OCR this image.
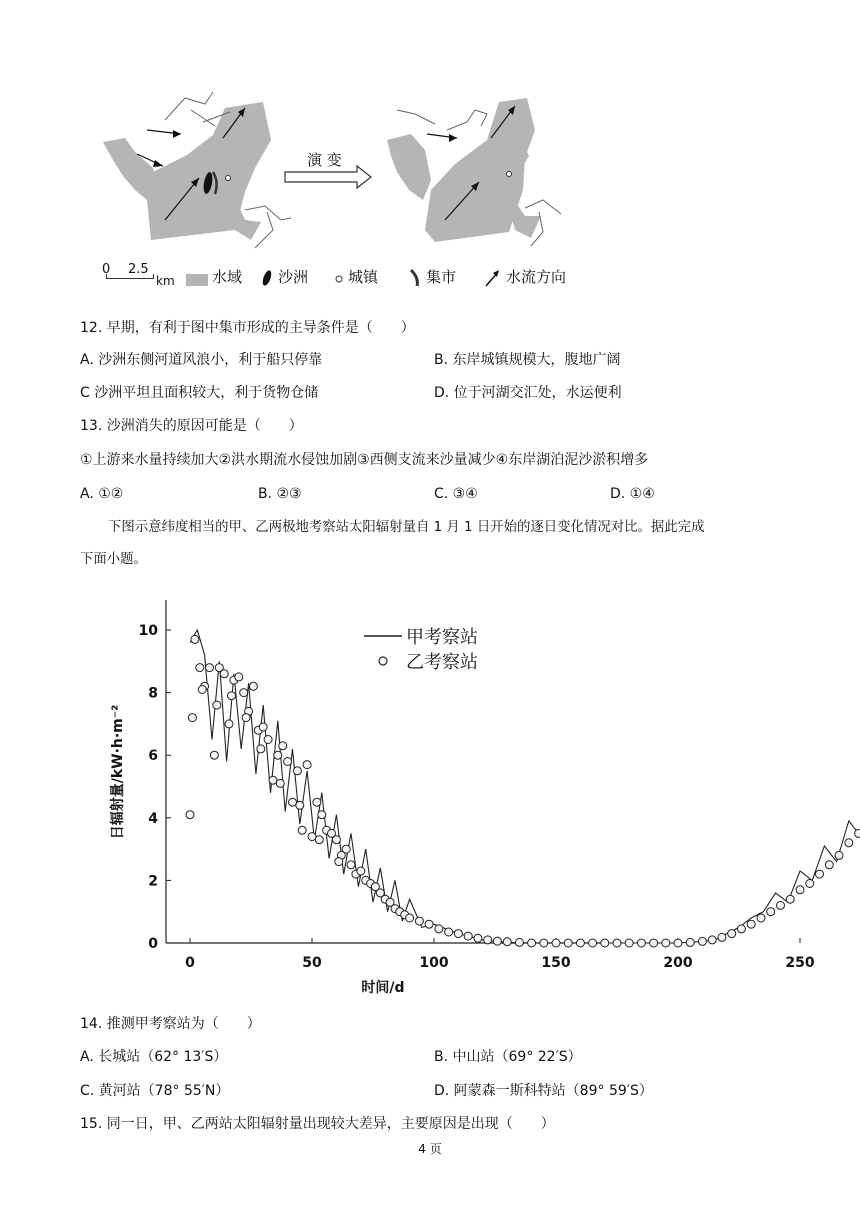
演 变
0 2.5
km 水域 沙洲	城镇	集市	水流方向
12. 早期，有利于图中集市形成的主导条件是（　　）
A. 沙洲东侧河道风浪小，利于船只停靠	B. 东岸城镇规模大，腹地广阔
C 沙洲平坦且面积较大，利于货物仓储	D. 位于河湖交汇处，水运便利
13. 沙洲消失的原因可能是（　　）
①上游来水量持续加大②洪水期流水侵蚀加剧③西侧支流来沙量减少④东岸湖泊泥沙淤积增多
A. ①②	B. ②③	C. ③④	D. ①④
下图示意纬度相当的甲、乙两极地考察站太阳辐射量自 1 月 1 日开始的逐日变化情况对比。据此完成
下面小题。
0	50	100	150	200	250
0
2
4
6
8
10
日辐射量/kW·h·m⁻²
时间/d
甲考察站
乙考察站
14. 推测甲考察站为（　　）
A. 长城站（62° 13′S）	B. 中山站（69° 22′S）
C. 黄河站（78° 55′N）	D. 阿蒙森一斯科特站（89° 59′S）
15. 同一日，甲、乙两站太阳辐射量出现较大差异，主要原因是出现（　　）
4 页
